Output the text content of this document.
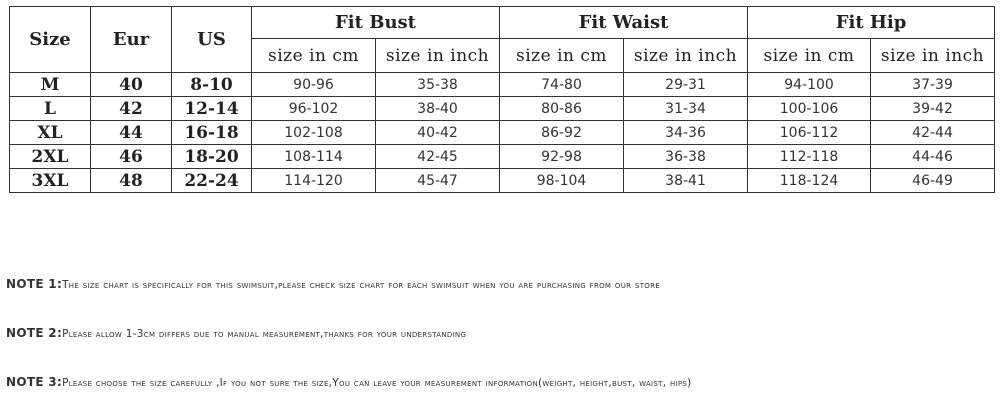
Size	Eur	US	Fit Bust		Fit Waist		Fit Hip	
			size in cm	size in inch	size in cm	size in inch	size in cm	size in inch
M	40	8-10	90-96	35-38	74-80	29-31	94-100	37-39
L	42	12-14	96-102	38-40	80-86	31-34	100-106	39-42
XL	44	16-18	102-108	40-42	86-92	34-36	106-112	42-44
2XL	46	18-20	108-114	42-45	92-98	36-38	112-118	44-46
3XL	48	22-24	114-120	45-47	98-104	38-41	118-124	46-49
NOTE 1:The size chart is specifically for this swimsuit,please check size chart for each swimsuit when you are purchasing from our store
NOTE 2:Please allow 1-3cm differs due to manual measurement,thanks for your understanding
NOTE 3:Please choose the size carefully ,If you not sure the size,You can leave your measurement information(weight, height,bust, waist, hips)
